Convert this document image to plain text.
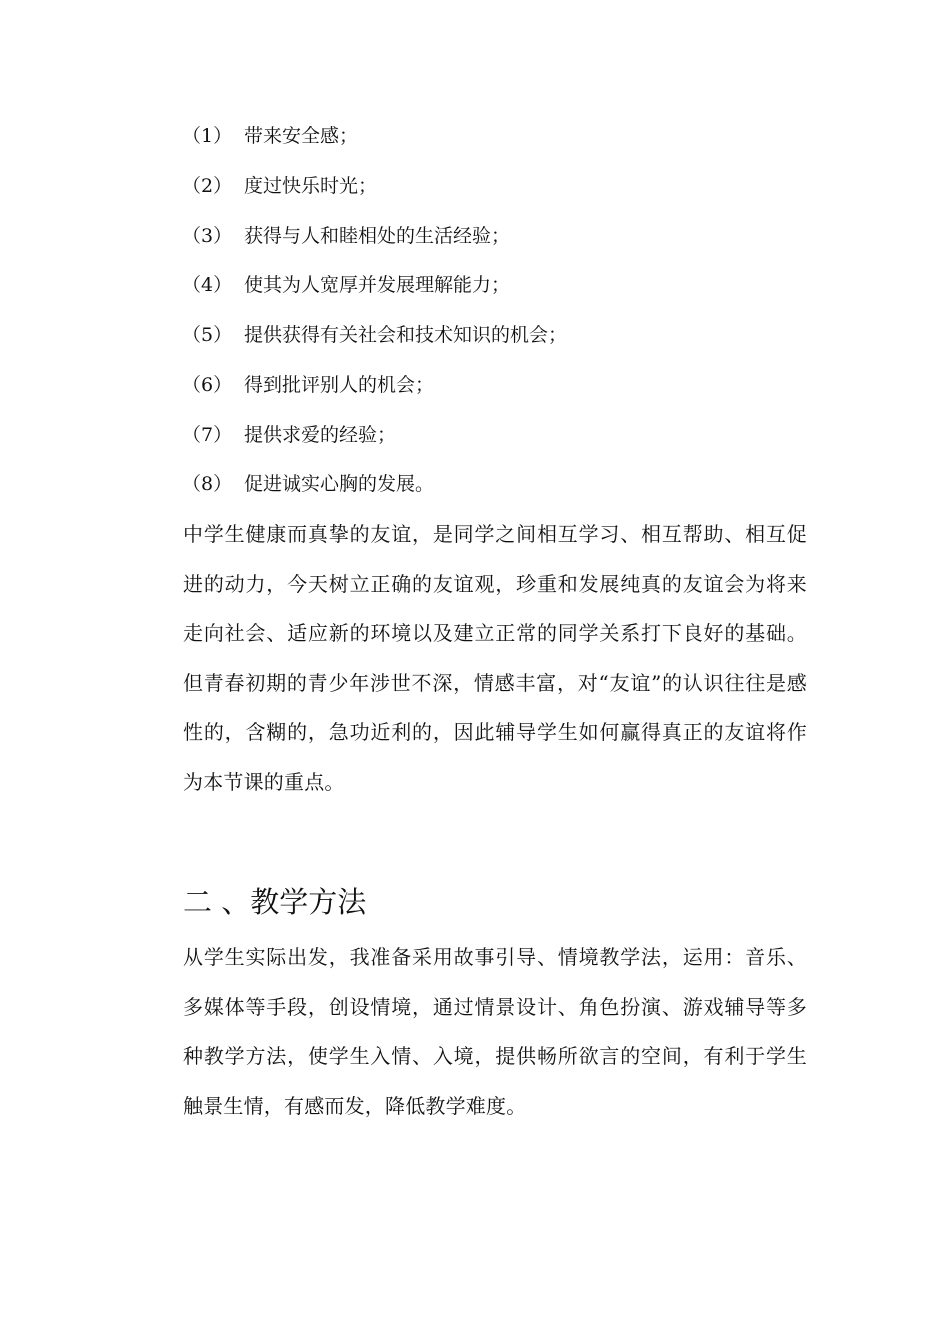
（1） 带来安全感；
（2） 度过快乐时光；
（3） 获得与人和睦相处的生活经验；
（4） 使其为人宽厚并发展理解能力；
（5） 提供获得有关社会和技术知识的机会；
（6） 得到批评别人的机会；
（7） 提供求爱的经验；
（8） 促进诚实心胸的发展。
中学生健康而真挚的友谊，是同学之间相互学习、相互帮助、相互促进的动力，今天树立正确的友谊观，珍重和发展纯真的友谊会为将来走向社会、适应新的环境以及建立正常的同学关系打下良好的基础。但青春初期的青少年涉世不深，情感丰富，对“友谊”的认识往往是感性的，含糊的，急功近利的，因此辅导学生如何赢得真正的友谊将作为本节课的重点。
二 、教学方法
从学生实际出发，我准备采用故事引导、情境教学法，运用：音乐、多媒体等手段，创设情境，通过情景设计、角色扮演、游戏辅导等多种教学方法，使学生入情、入境，提供畅所欲言的空间，有利于学生触景生情，有感而发，降低教学难度。
